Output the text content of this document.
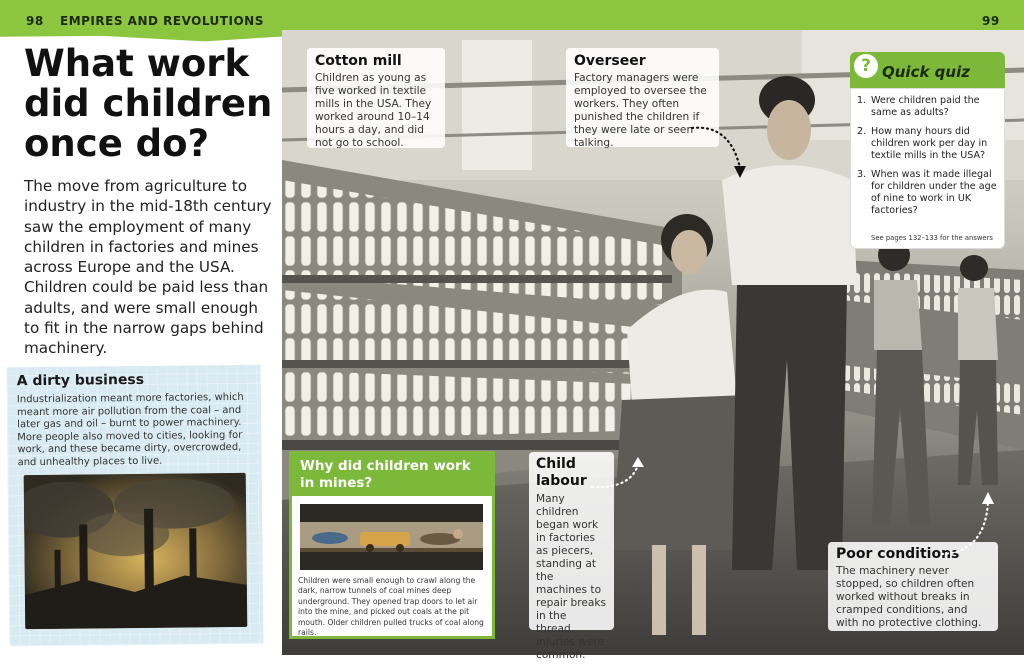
98 EMPIRES AND REVOLUTIONS	99
What work did children once do?

The move from agriculture to industry in the mid-18th century saw the employment of many children in factories and mines across Europe and the USA. Children could be paid less than adults, and were small enough to fit in the narrow gaps behind machinery.

A dirty business

Industrialization meant more factories, which meant more air pollution from the coal – and later gas and oil – burnt to power machinery. More people also moved to cities, looking for work, and these became dirty, overcrowded, and unhealthy places to live.

Cotton mill

Children as young as five worked in textile mills in the USA. They worked around 10–14 hours a day, and did not go to school.

Overseer

Factory managers were employed to oversee the workers. They often punished the children if they were late or seen talking.

? Quick quiz
1. Were children paid the same as adults?
2. How many hours did children work per day in textile mills in the USA?
3. When was it made illegal for children under the age of nine to work in UK factories?
See pages 132–133 for the answers
Why did children work in mines?

Children were small enough to crawl along the dark, narrow tunnels of coal mines deep underground. They opened trap doors to let air into the mine, and picked out coals at the pit mouth. Older children pulled trucks of coal along rails.

Child labour

Many children began work in factories as piecers, standing at the machines to repair breaks in the thread. Injuries were common.

Poor conditions

The machinery never stopped, so children often worked without breaks in cramped conditions, and with no protective clothing.
